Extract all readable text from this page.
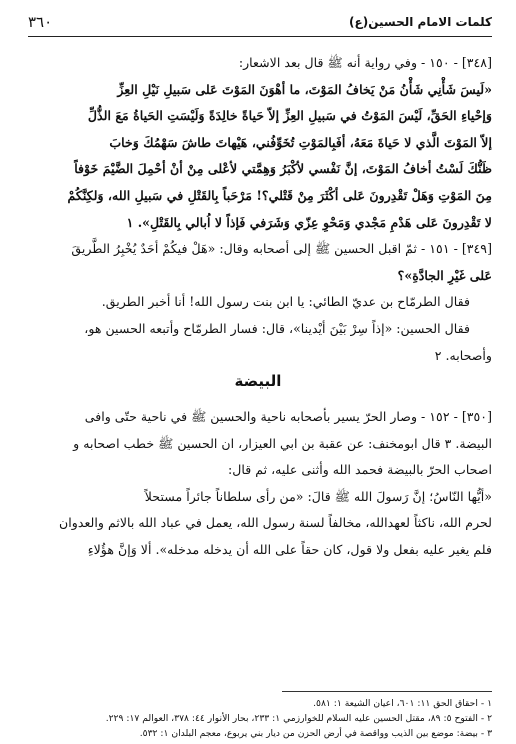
كلمات الامام الحسين(ع)
٣٦٠
[٣٤٨] - ١٥٠ - وفي رواية أنه ﷺ قال بعد الاشعار:
«لَيسَ شَأْنِي شَأْنُ مَنْ يَخافُ المَوْتَ، ما أهْوَنَ المَوْتَ عَلى سَبيلِ نَيْلِ العِزِّ
وَإحْياءِ الحَقِّ، لَيْسَ المَوْتُ في سَبيلِ العِزِّ إلاّ حَياةً خالِدَةً وَلَيْسَتِ الحَياةُ مَعَ الذُّلِّ
إلاّ المَوْتَ الَّذي لا حَياةَ مَعَهُ، أفَبِالمَوْتِ تُخَوِّفُني، هَيْهاتَ طاشَ سَهْمُكَ وَخابَ
ظَنُّكَ لَسْتُ أخافُ المَوْتَ، إنَّ نَفْسي لأكْبَرُ وَهِمَّتي لأعْلى مِنْ أنْ أحْمِلَ الضَّيْمَ خَوْفاً
مِنَ المَوْتِ وَهَلْ تَقْدِرونَ عَلى أكْثَرَ مِنْ قَتْلي؟! مَرْحَباً بِالقَتْلِ في سَبيلِ الله، وَلكِنَّكُمْ
لا تَقْدِرونَ عَلى هَدْمِ مَجْدي وَمَحْوِ عِزّي وَشَرَفي فَإذاً لا اُبالي بِالقَتْلِ». ١
[٣٤٩] - ١٥١ - ثمّ اقبل الحسين ﷺ إلى أصحابه وقال: «هَلْ فيكُمْ أحَدٌ يُخْبِرُ الطَّريقَ
عَلى غَيْرِ الجادَّةِ»؟
فقال الطرمّاح بن عديّ الطائي: يا ابن بنت رسول الله! أنا أخبر الطريق.
فقال الحسين: «إذاً سِرْ بَيْنَ أيْدينا»، قال: فسار الطرمّاح وأتبعه الحسين هو،
وأصحابه. ٢
البيضة
[٣٥٠] - ١٥٢ - وصار الحرّ يسير بأصحابه ناحية والحسين ﷺ في ناحية حتّى وافى
البيضة. ٣ قال ابومخنف: عن عقبة بن ابي العيزار، ان الحسين ﷺ خطب اصحابه و
اصحاب الحرّ بالبيضة فحمد الله وأثنى عليه، ثم قال:
«أيُّها النّاسُ؛ إنَّ رَسولَ الله ﷺ قالَ: «من رأى سلطاناً جائراً مستحلاً
لحرم الله، ناكثاً لعهدالله، مخالفاً لسنة رسول الله، يعمل في عباد الله بالاثم والعدوان
فلم يغير عليه بفعل ولا قول، كان حقاً على الله أن يدخله مدخله». ألا وَإنَّ هؤُلاءِ
١ - احقاق الحق ١١: ٦٠١، اعيان الشيعة ١: ٥٨١.
٢ - الفتوح ٥: ٨٩، مقتل الحسين عليه السلام للخوارزمي ١: ٢٣٣، بحار الأنوار ٤٤: ٣٧٨، العوالم ١٧: ٢٢٩.
٣ - بيضة: موضع بين الذيب وواقصة في أرض الحزن من ديار بني يربوع، معجم البلدان ١: ٥٣٢.
